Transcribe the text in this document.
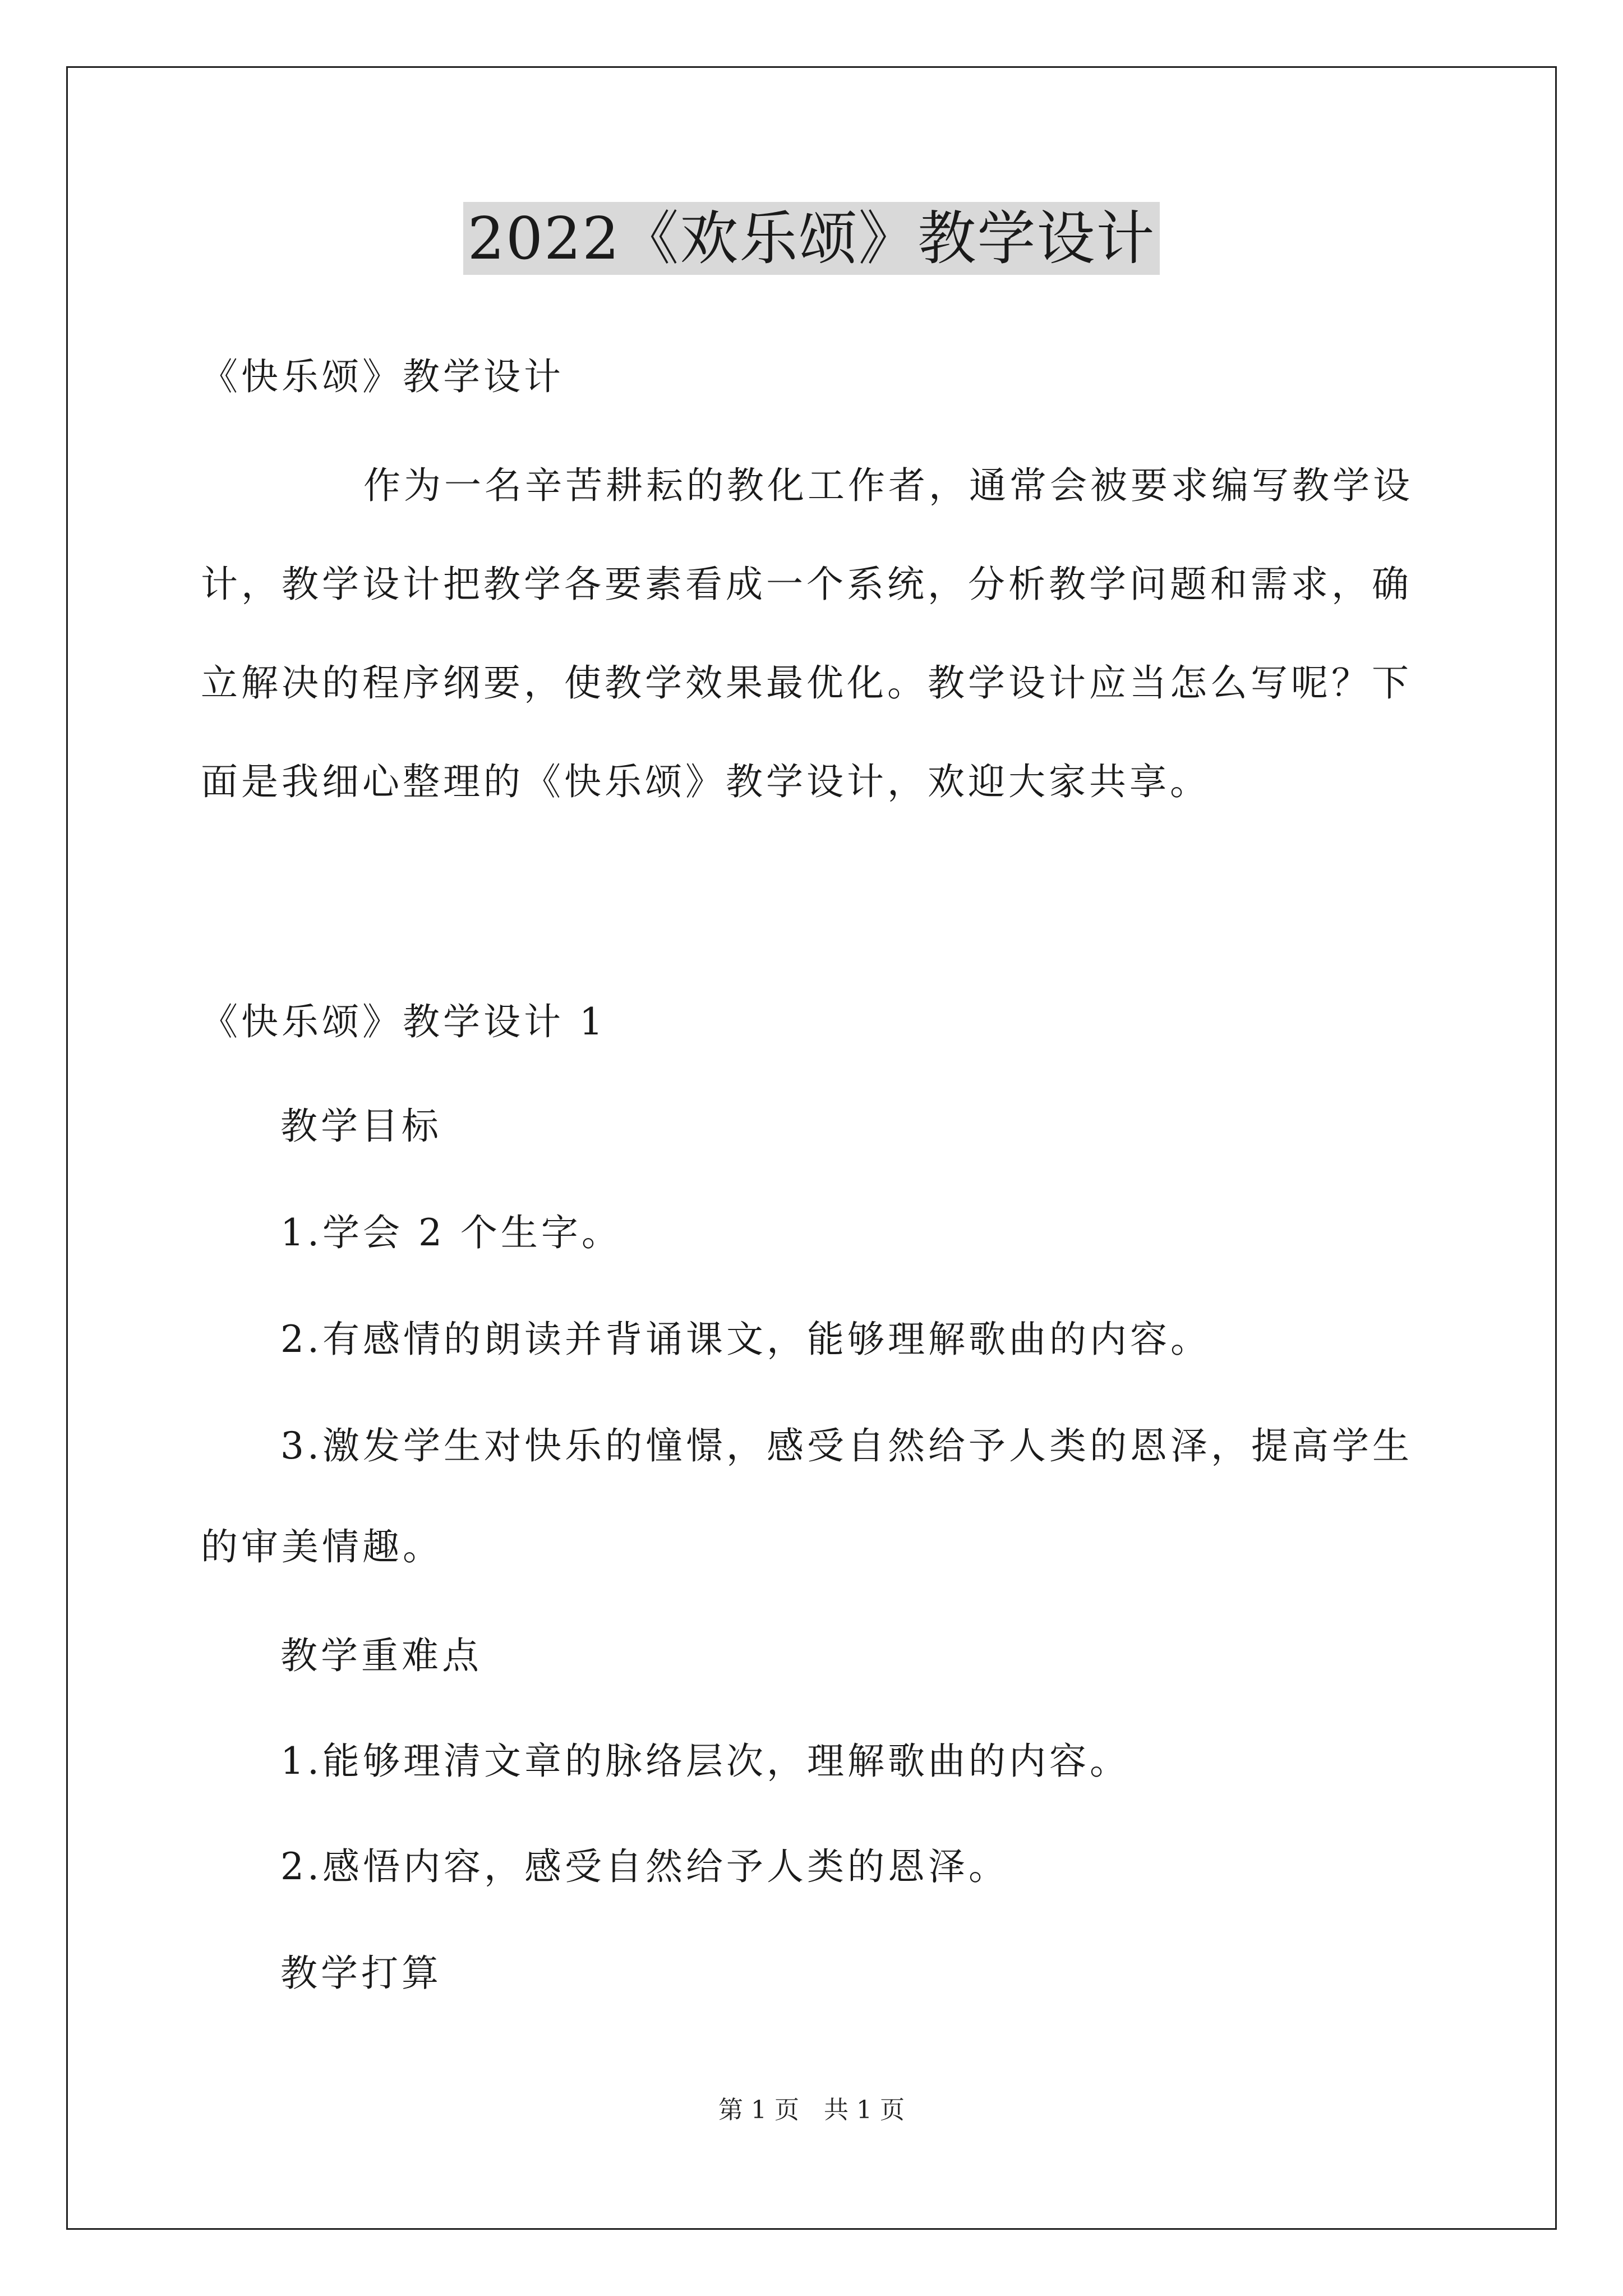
2022《欢乐颂》教学设计
《快乐颂》教学设计
作为一名辛苦耕耘的教化工作者，通常会被要求编写教学设计，教学设计把教学各要素看成一个系统，分析教学问题和需求，确立解决的程序纲要，使教学效果最优化。教学设计应当怎么写呢？下面是我细心整理的《快乐颂》教学设计，欢迎大家共享。
《快乐颂》教学设计 1
教学目标
1.学会 2 个生字。
2.有感情的朗读并背诵课文，能够理解歌曲的内容。
3.激发学生对快乐的憧憬，感受自然给予人类的恩泽，提高学生的审美情趣。
教学重难点
1.能够理清文章的脉络层次，理解歌曲的内容。
2.感悟内容，感受自然给予人类的恩泽。
教学打算
第 1 页　共 1 页
